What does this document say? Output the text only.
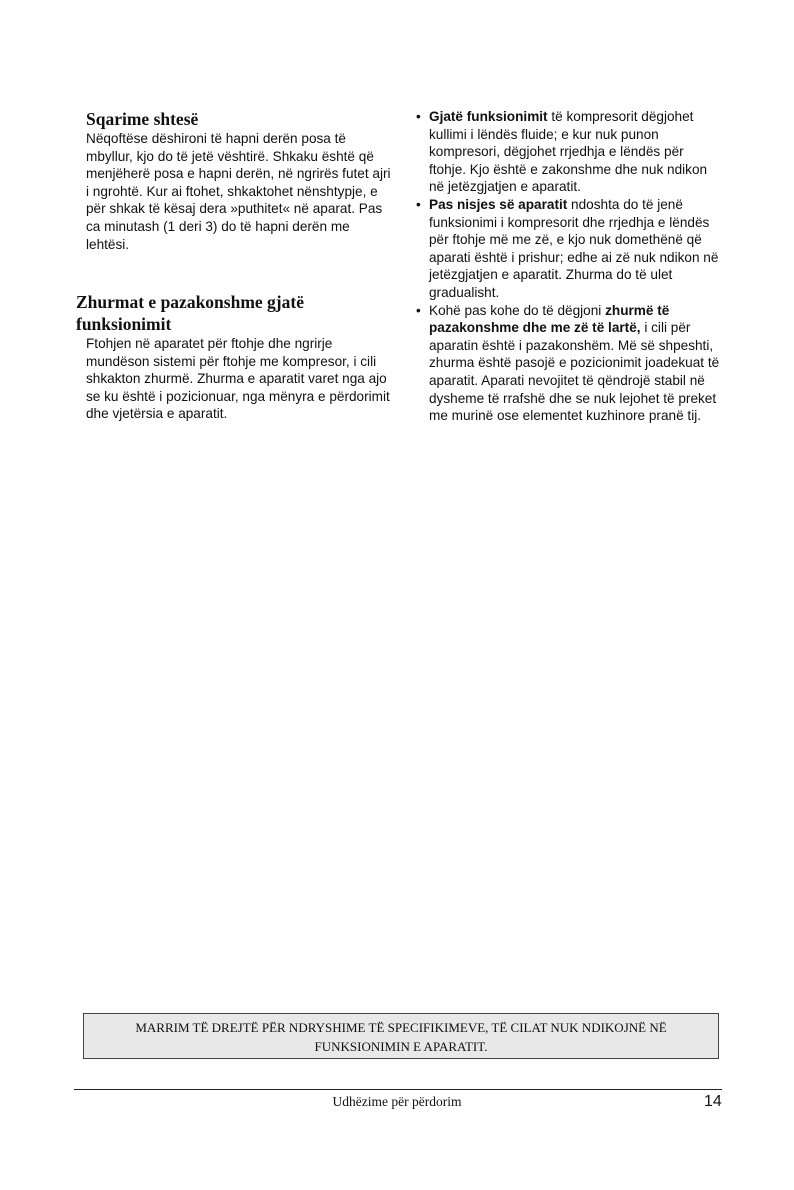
Sqarime shtesë

Nëqoftëse dëshironi të hapni derën posa të mbyllur, kjo do të jetë vështirë. Shkaku është që menjëherë posa e hapni derën, në ngrirës futet ajri i ngrohtë. Kur ai ftohet, shkaktohet nënshtypje, e për shkak të kësaj dera »puthitet« në aparat. Pas ca minutash (1 deri 3) do të hapni derën me lehtësi.

Zhurmat e pazakonshme gjatë
funksionimit

Ftohjen në aparatet për ftohje dhe ngrirje mundëson sistemi për ftohje me kompresor, i cili shkakton zhurmë. Zhurma e aparatit varet nga ajo se ku është i pozicionuar, nga mënyra e përdorimit dhe vjetërsia e aparatit.

• Gjatë funksionimit të kompresorit dëgjohet kullimi i lëndës fluide; e kur nuk punon kompresori, dëgjohet rrjedhja e lëndës për ftohje. Kjo është e zakonshme dhe nuk ndikon në jetëzgjatjen e aparatit.
• Pas nisjes së aparatit ndoshta do të jenë funksionimi i kompresorit dhe rrjedhja e lëndës për ftohje më me zë, e kjo nuk domethënë që aparati është i prishur; edhe ai zë nuk ndikon në jetëzgjatjen e aparatit. Zhurma do të ulet gradualisht.
• Kohë pas kohe do të dëgjoni zhurmë të pazakonshme dhe me zë të lartë, i cili për aparatin është i pazakonshëm. Më së shpeshti, zhurma është pasojë e pozicionimit joadekuat të aparatit. Aparati nevojitet të qëndrojë stabil në dysheme të rrafshë dhe se nuk lejohet të preket me murinë ose elementet kuzhinore pranë tij.
MARRIM TË DREJTË PËR NDRYSHIME TË SPECIFIKIMEVE, TË CILAT NUK NDIKOJNË NË
FUNKSIONIMIN E APARATIT.
Udhëzime për përdorim	14
